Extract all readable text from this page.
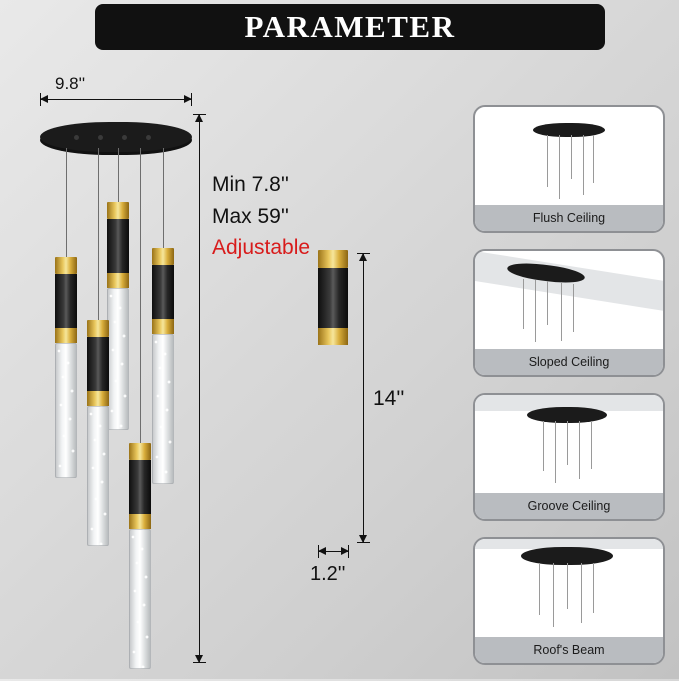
PARAMETER
9.8''
Min 7.8''
Max 59''
Adjustable
14''
1.2''
Flush Ceiling
Sloped Ceiling
Groove Ceiling
Roof's Beam
